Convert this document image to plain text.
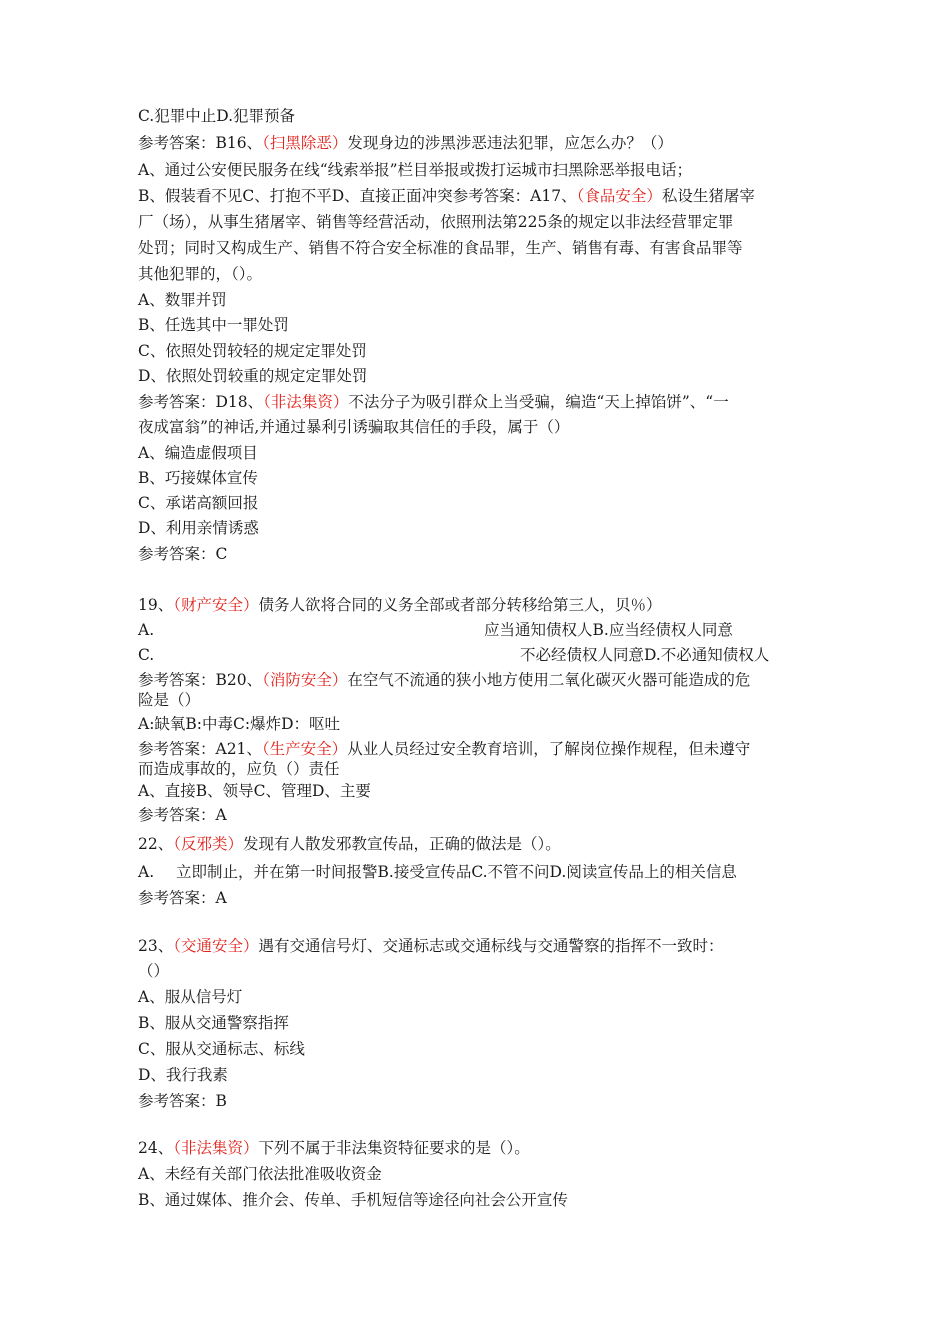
C.犯罪中止D.犯罪预备
参考答案：B16、（扫黑除恶）发现身边的涉黑涉恶违法犯罪，应怎么办？（）
A、通过公安便民服务在线“线索举报”栏目举报或拨打运城市扫黑除恶举报电话；
B、假装看不见C、打抱不平D、直接正面冲突参考答案：A17、（食品安全）私设生猪屠宰
厂（场），从事生猪屠宰、销售等经营活动，依照刑法第225条的规定以非法经营罪定罪
处罚；同时又构成生产、销售不符合安全标准的食品罪，生产、销售有毒、有害食品罪等
其他犯罪的，（）。
A、数罪并罚
B、任选其中一罪处罚
C、依照处罚较轻的规定定罪处罚
D、依照处罚较重的规定定罪处罚
参考答案：D18、（非法集资）不法分子为吸引群众上当受骗，编造“天上掉馅饼”、“一
夜成富翁”的神话,并通过暴利引诱骗取其信任的手段，属于（）
A、编造虚假项目
B、巧接媒体宣传
C、承诺高额回报
D、利用亲情诱惑
参考答案：C
19、（财产安全）债务人欲将合同的义务全部或者部分转移给第三人，贝％）
A.	应当通知债权人B.应当经债权人同意
C.	不必经债权人同意D.不必通知债权人
参考答案：B20、（消防安全）在空气不流通的狭小地方使用二氧化碳灭火器可能造成的危
险是（）
A:缺氧B:中毒C:爆炸D：呕吐
参考答案：A21、（生产安全）从业人员经过安全教育培训，了解岗位操作规程，但未遵守
而造成事故的，应负（）责任
A、直接B、领导C、管理D、主要
参考答案：A
22、（反邪类）发现有人散发邪教宣传品，正确的做法是（）。
A. 立即制止，并在第一时间报警B.接受宣传品C.不管不问D.阅读宣传品上的相关信息
参考答案：A
23、（交通安全）遇有交通信号灯、交通标志或交通标线与交通警察的指挥不一致时：
（）
A、服从信号灯
B、服从交通警察指挥
C、服从交通标志、标线
D、我行我素
参考答案：B
24、（非法集资）下列不属于非法集资特征要求的是（）。
A、未经有关部门依法批准吸收资金
B、通过媒体、推介会、传单、手机短信等途径向社会公开宣传
